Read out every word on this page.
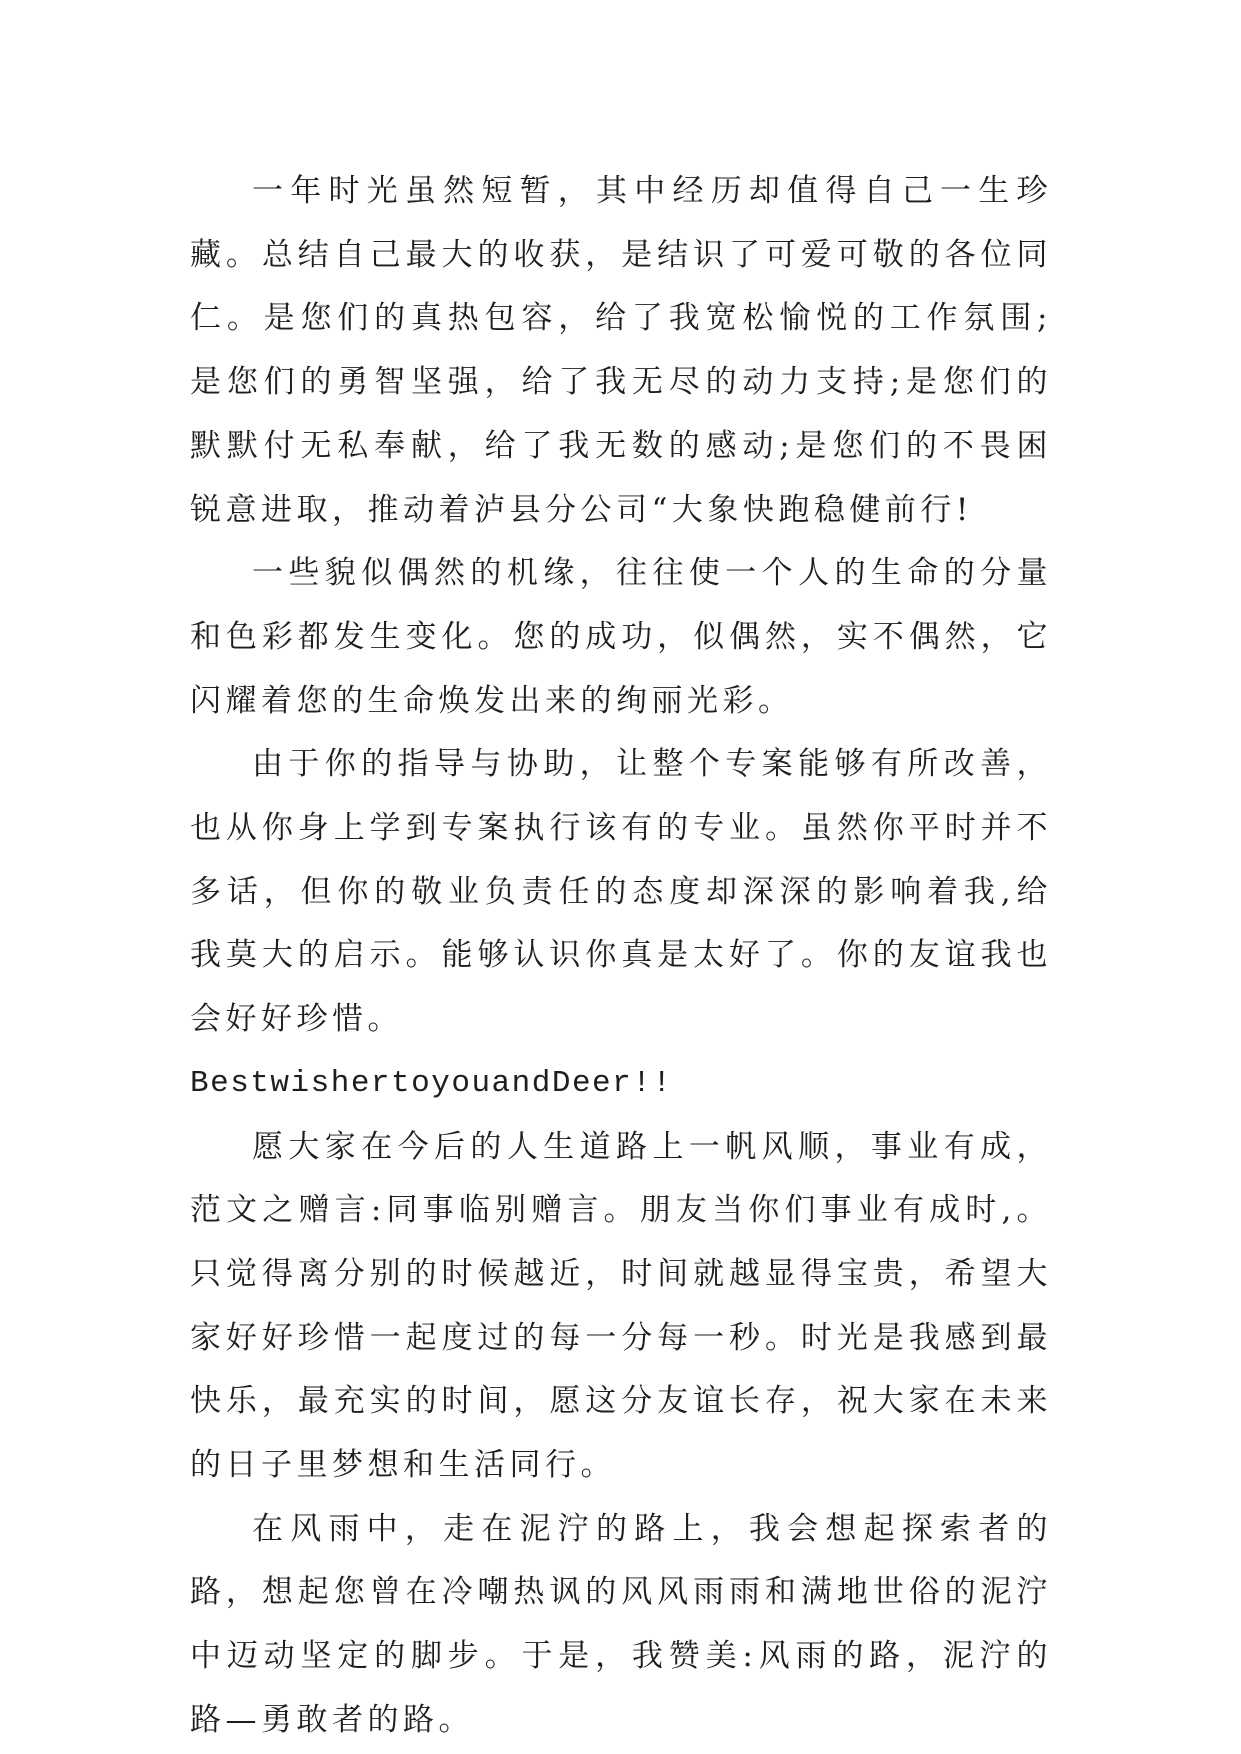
一年时光虽然短暂，其中经历却值得自己一生珍藏。总结自己最大的收获，是结识了可爱可敬的各位同仁。是您们的真热包容，给了我宽松愉悦的工作氛围;是您们的勇智坚强，给了我无尽的动力支持;是您们的默默付无私奉献，给了我无数的感动;是您们的不畏困锐意进取，推动着泸县分公司“大象快跑稳健前行!

一些貌似偶然的机缘，往往使一个人的生命的分量和色彩都发生变化。您的成功，似偶然，实不偶然，它闪耀着您的生命焕发出来的绚丽光彩。

由于你的指导与协助，让整个专案能够有所改善，也从你身上学到专案执行该有的专业。虽然你平时并不多话，但你的敬业负责任的态度却深深的影响着我,给我莫大的启示。能够认识你真是太好了。你的友谊我也会好好珍惜。

BestwishertoyouandDeer!!

愿大家在今后的人生道路上一帆风顺，事业有成，范文之赠言:同事临别赠言。朋友当你们事业有成时,。只觉得离分别的时候越近，时间就越显得宝贵，希望大家好好珍惜一起度过的每一分每一秒。时光是我感到最快乐，最充实的时间，愿这分友谊长存，祝大家在未来的日子里梦想和生活同行。

在风雨中，走在泥泞的路上，我会想起探索者的路，想起您曾在冷嘲热讽的风风雨雨和满地世俗的泥泞中迈动坚定的脚步。于是，我赞美:风雨的路，泥泞的路—勇敢者的路。
